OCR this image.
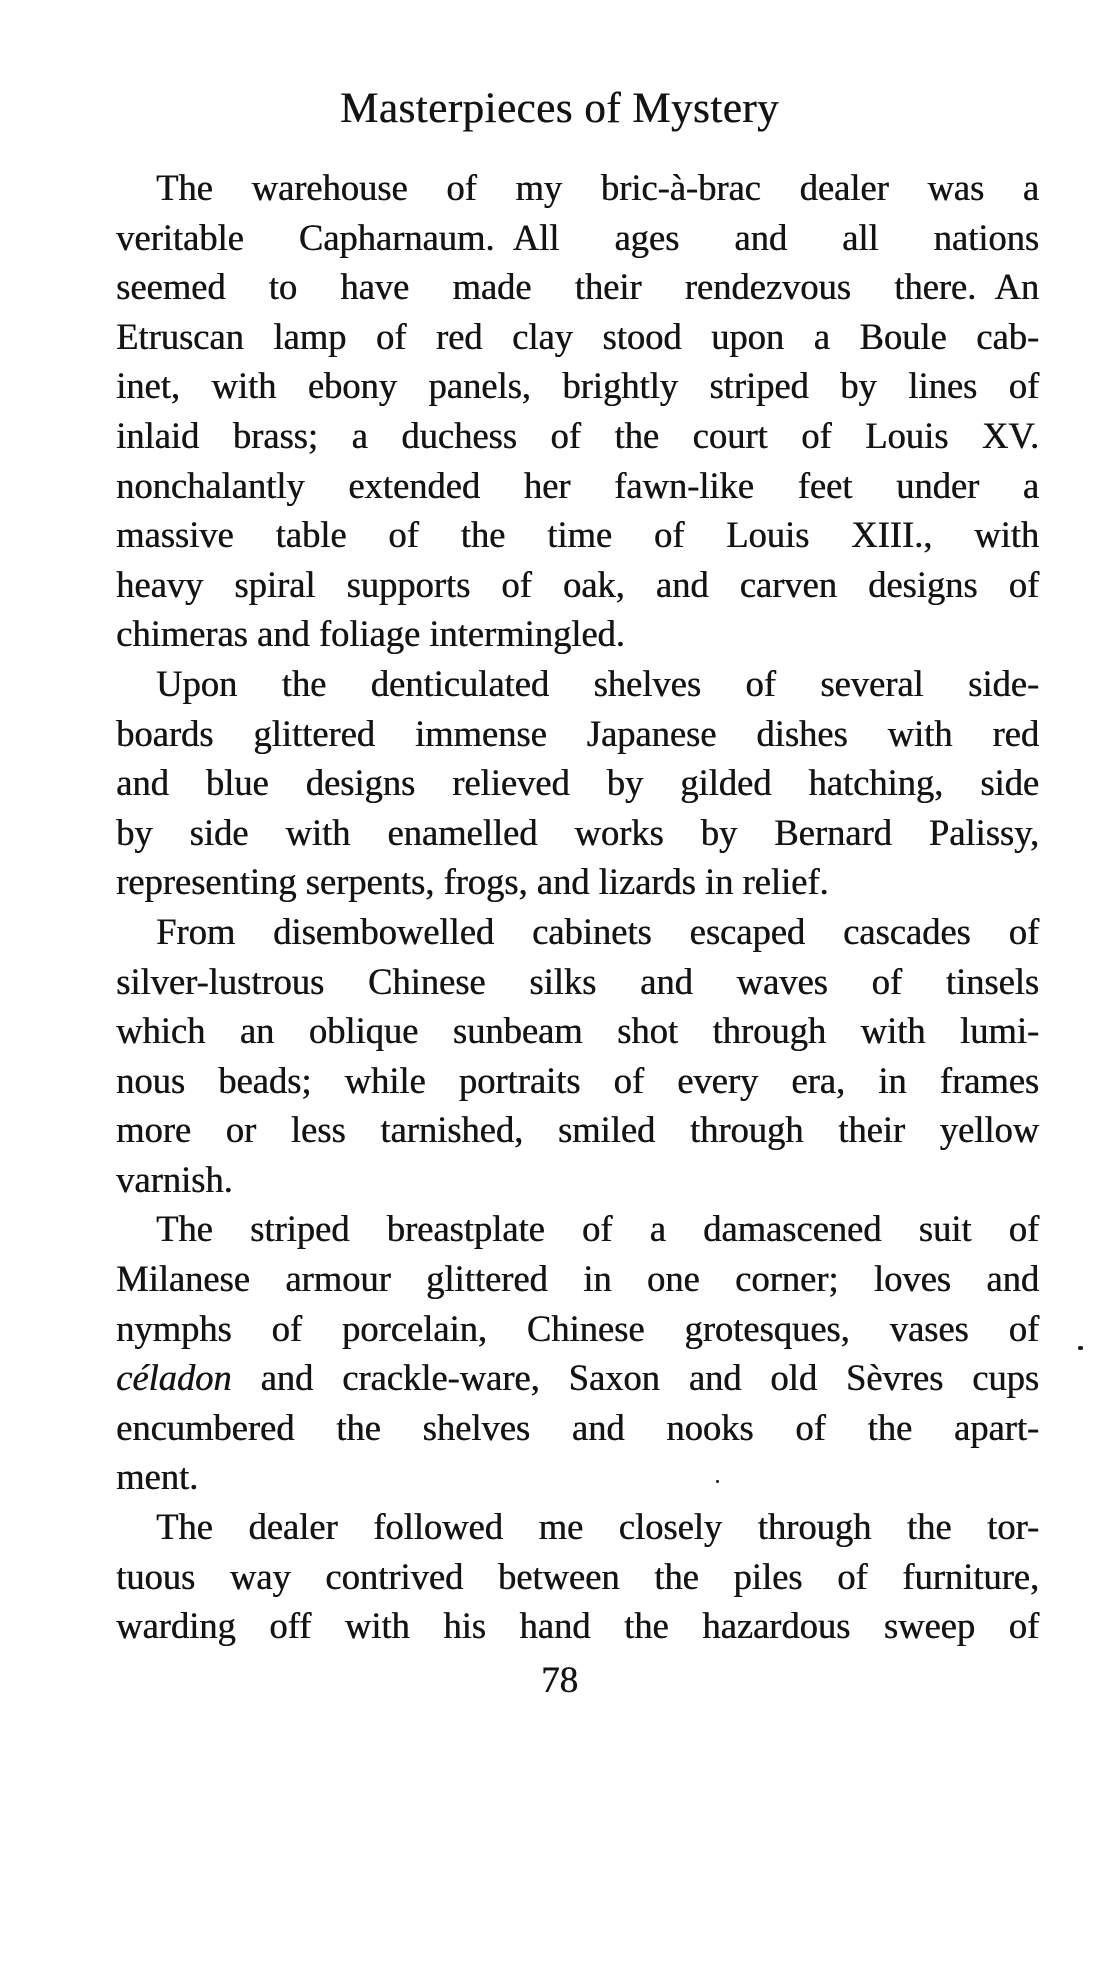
Masterpieces of Mystery
The warehouse of my bric-à-brac dealer was a
veritable Capharnaum. All ages and all nations
seemed to have made their rendezvous there. An
Etruscan lamp of red clay stood upon a Boule cab-
inet, with ebony panels, brightly striped by lines of
inlaid brass; a duchess of the court of Louis XV.
nonchalantly extended her fawn-like feet under a
massive table of the time of Louis XIII., with
heavy spiral supports of oak, and carven designs of
chimeras and foliage intermingled.
Upon the denticulated shelves of several side-
boards glittered immense Japanese dishes with red
and blue designs relieved by gilded hatching, side
by side with enamelled works by Bernard Palissy,
representing serpents, frogs, and lizards in relief.
From disembowelled cabinets escaped cascades of
silver-lustrous Chinese silks and waves of tinsels
which an oblique sunbeam shot through with lumi-
nous beads; while portraits of every era, in frames
more or less tarnished, smiled through their yellow
varnish.
The striped breastplate of a damascened suit of
Milanese armour glittered in one corner; loves and
nymphs of porcelain, Chinese grotesques, vases of
céladon and crackle-ware, Saxon and old Sèvres cups
encumbered the shelves and nooks of the apart-
ment.
The dealer followed me closely through the tor-
tuous way contrived between the piles of furniture,
warding off with his hand the hazardous sweep of
78
